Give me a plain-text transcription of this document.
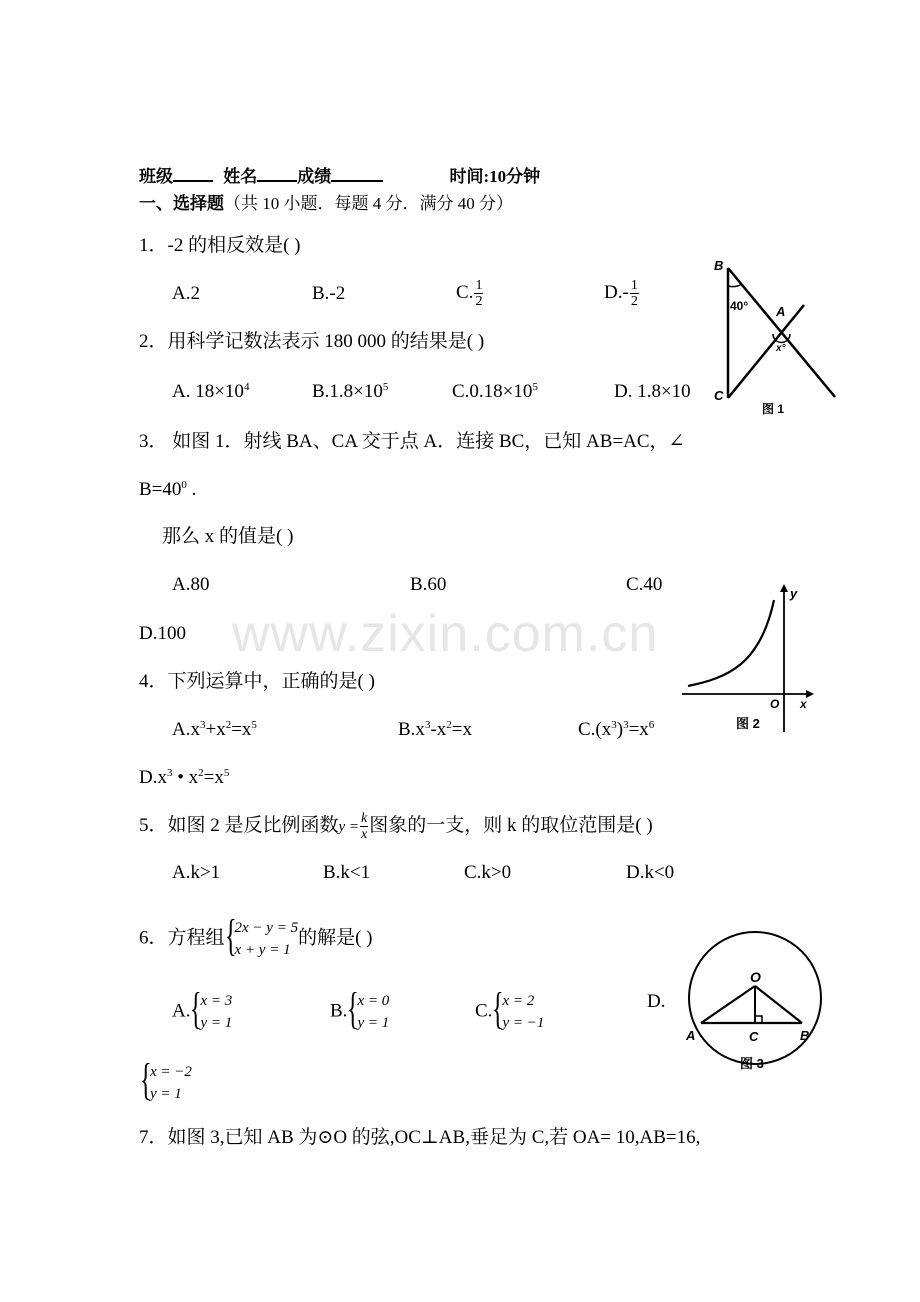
www.zixin.com.cn
班级	姓名 成绩	时间:10分钟
一、选择题（共 10 小题．每题 4 分．满分 40 分）
1．-2 的相反效是( )
A.2	B.-2	C. $\frac{1}{2}$	$D.- \frac{1}{2}$
2．用科学记数法表示 180 000 的结果是( )
A. $18\times 10^4$	$B.1.8\times 10^5$	$C.0.18\times 10^5$	D. 1.8×10
3． 如图 1．射线 BA、CA 交于点 A．连接 BC，已知 AB=AC，∠
$B=40^0$ .
那么 x 的值是( )
A.80	B.60	C.40
D.100
4．下列运算中，正确的是( )
$A.x^3+x^2=x^5$	$B.x^3-x^2=x$	$C.(x^3)^3=x^6$
$D.x^3$ • $x^2=x^5$
5．如图 2 是反比例函数$y = \frac{k}{x}$ 图象的一支，则 k 的取位范围是( )
A.k>1	B.k<1	C.k>0	D.k<0
6．方程组 {
2x − y = 5
x + y = 1
的解是( )
A. {
x = 3
y = 1
B. {
x = 0
y = 1
C. {
x = 2
y = −1
D.
{
x = −2
y = 1
7．如图 3,已知 AB 为⊙O 的弦,OC⊥AB,垂足为 C,若 OA= 10,AB=16,
B
A
C
40°
x°
图 1
y
x
O
图 2
O
A	B
C
图 3
